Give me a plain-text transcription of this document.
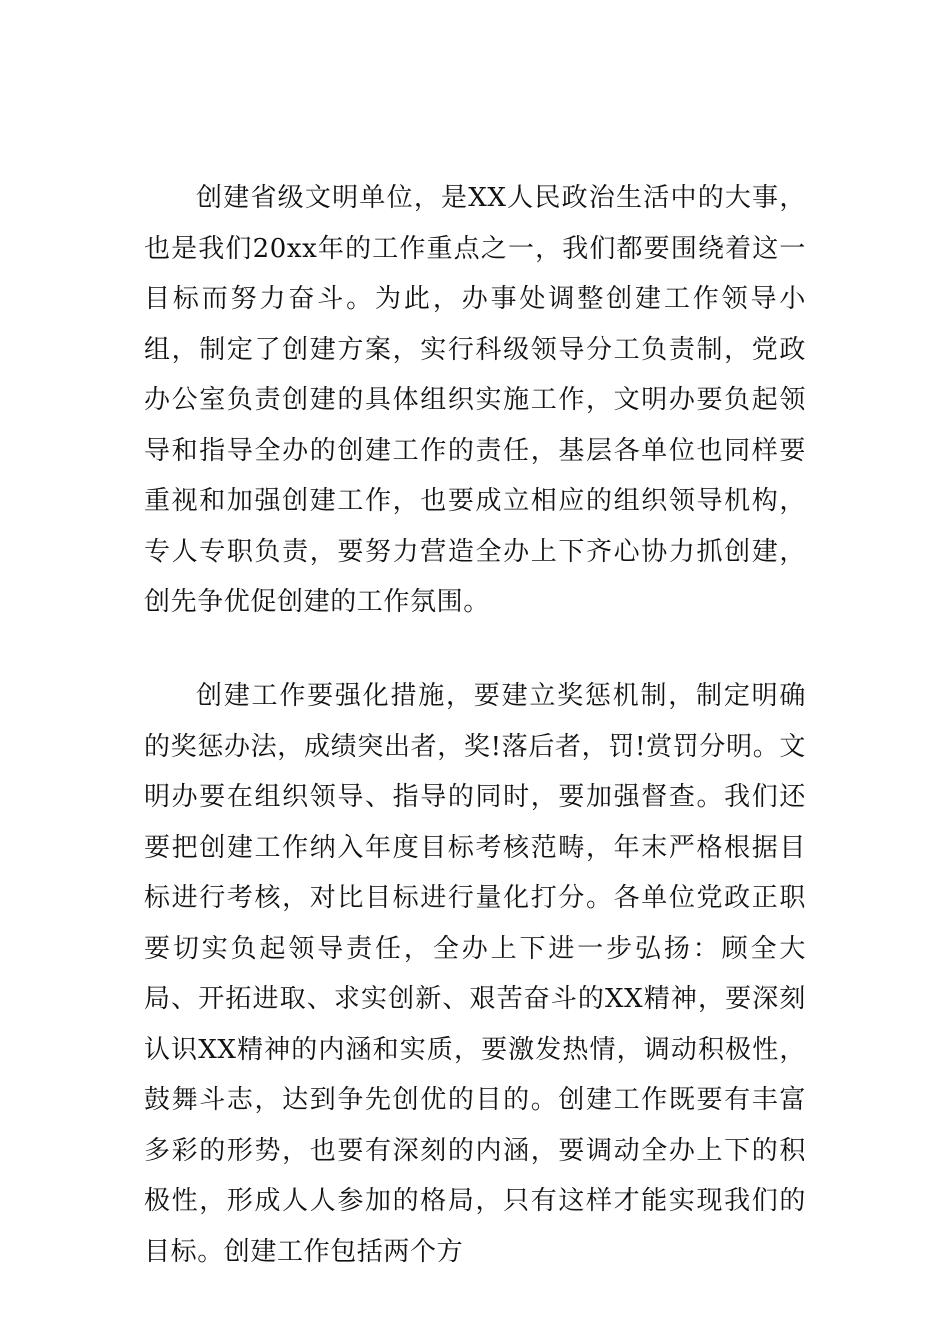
创建省级文明单位，是XX人民政治生活中的大事，也是我们20xx年的工作重点之一，我们都要围绕着这一目标而努力奋斗。为此，办事处调整创建工作领导小组，制定了创建方案，实行科级领导分工负责制，党政办公室负责创建的具体组织实施工作，文明办要负起领导和指导全办的创建工作的责任，基层各单位也同样要重视和加强创建工作，也要成立相应的组织领导机构，专人专职负责，要努力营造全办上下齐心协力抓创建，创先争优促创建的工作氛围。

创建工作要强化措施，要建立奖惩机制，制定明确的奖惩办法，成绩突出者，奖!落后者，罚!赏罚分明。文明办要在组织领导、指导的同时，要加强督查。我们还要把创建工作纳入年度目标考核范畴，年末严格根据目标进行考核，对比目标进行量化打分。各单位党政正职要切实负起领导责任，全办上下进一步弘扬：顾全大局、开拓进取、求实创新、艰苦奋斗的XX精神，要深刻认识XX精神的内涵和实质，要激发热情，调动积极性，鼓舞斗志，达到争先创优的目的。创建工作既要有丰富多彩的形势，也要有深刻的内涵，要调动全办上下的积极性，形成人人参加的格局，只有这样才能实现我们的目标。创建工作包括两个方
